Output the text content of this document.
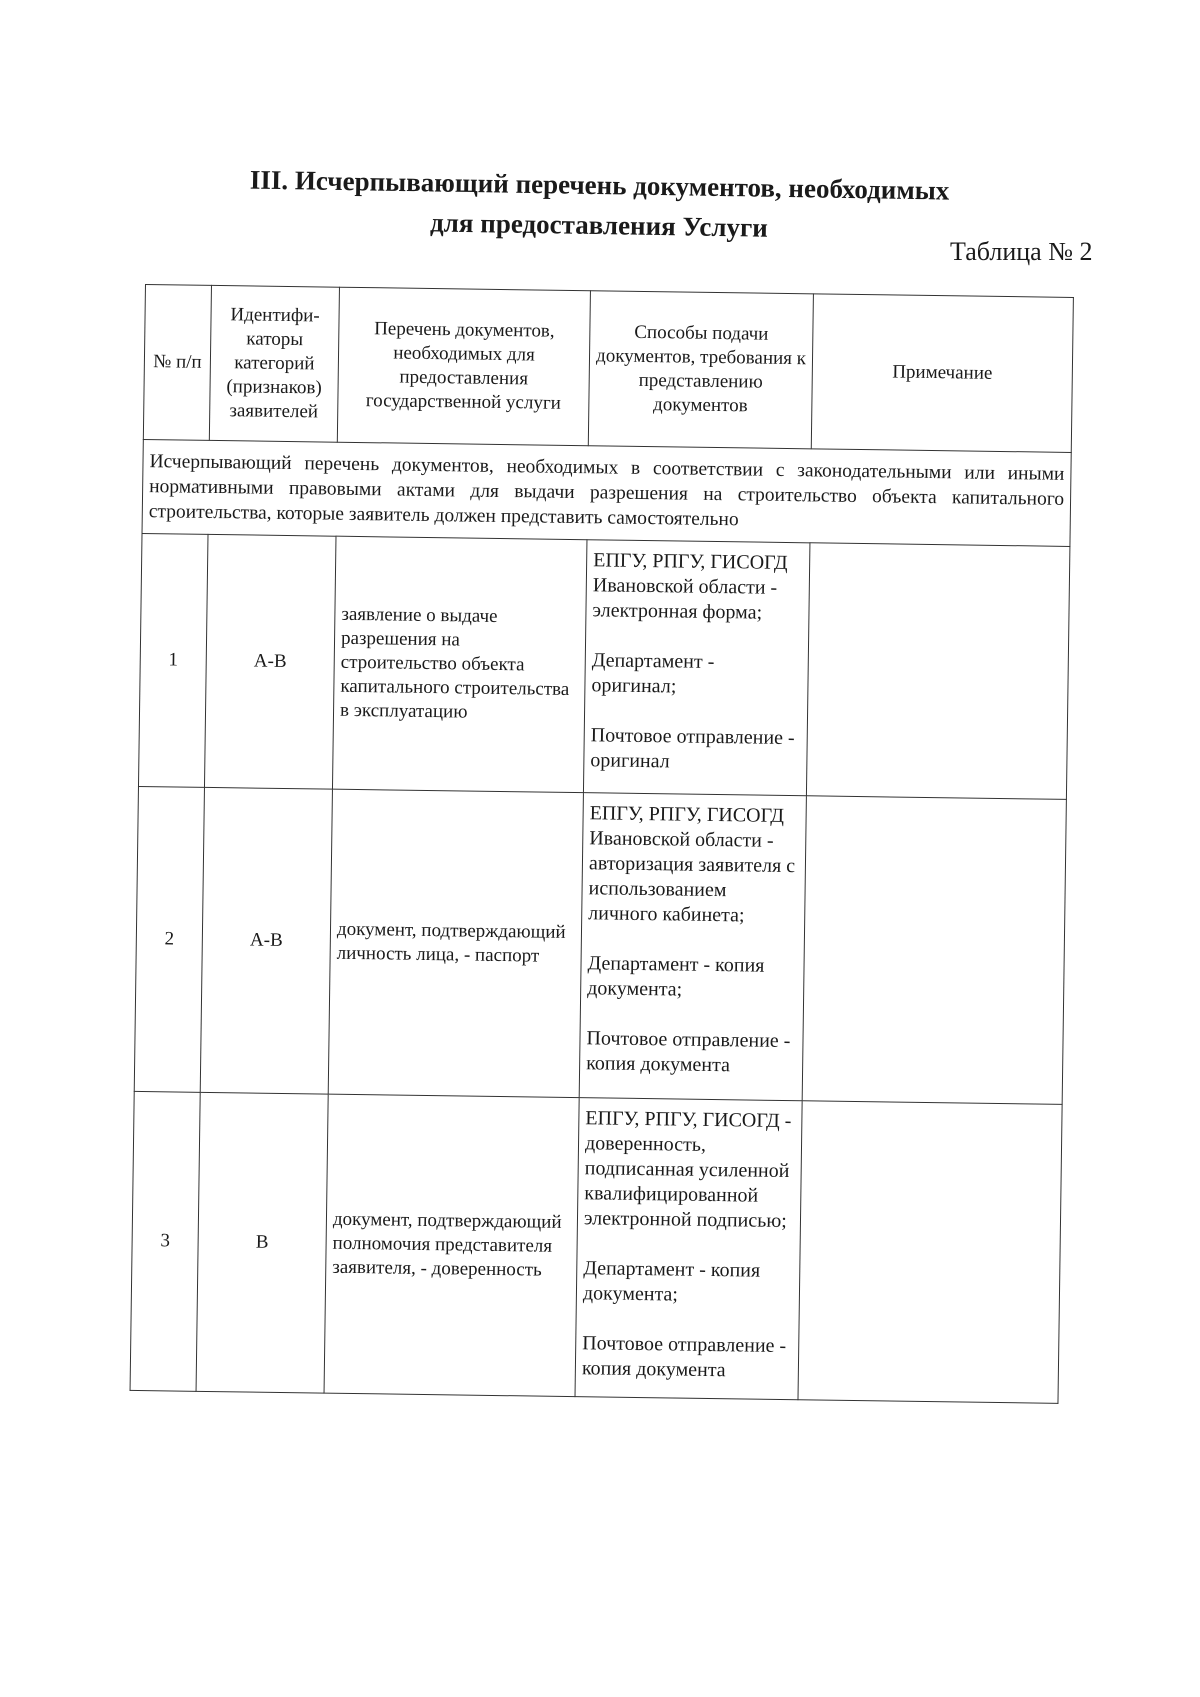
III. Исчерпывающий перечень документов, необходимых
для предоставления Услуги
Таблица № 2
№ п/п	Идентифи-каторы категорий (признаков) заявителей	Перечень документов, необходимых для предоставления государственной услуги	Способы подачи документов, требования к представлению документов	Примечание
Исчерпывающий перечень документов, необходимых в соответствии с законодательными или иными нормативными правовыми актами для выдачи разрешения на строительство объекта капитального строительства, которые заявитель должен представить самостоятельно				
1	А-В	заявление о выдаче разрешения на строительство объекта капитального строительства в эксплуатацию	ЕПГУ, РПГУ, ГИСОГД Ивановской области - электронная форма;
Департамент - оригинал;
Почтовое отправление - оригинал	

2	А-В	документ, подтверждающий личность лица, - паспорт	ЕПГУ, РПГУ, ГИСОГД Ивановской области - авторизация заявителя с использованием личного кабинета;
Департамент - копия документа;
Почтовое отправление - копия документа	

3	В	документ, подтверждающий полномочия представителя заявителя, - доверенность	ЕПГУ, РПГУ, ГИСОГД - доверенность, подписанная усиленной квалифицированной электронной подписью;
Департамент - копия документа;
Почтовое отправление - копия документа	
